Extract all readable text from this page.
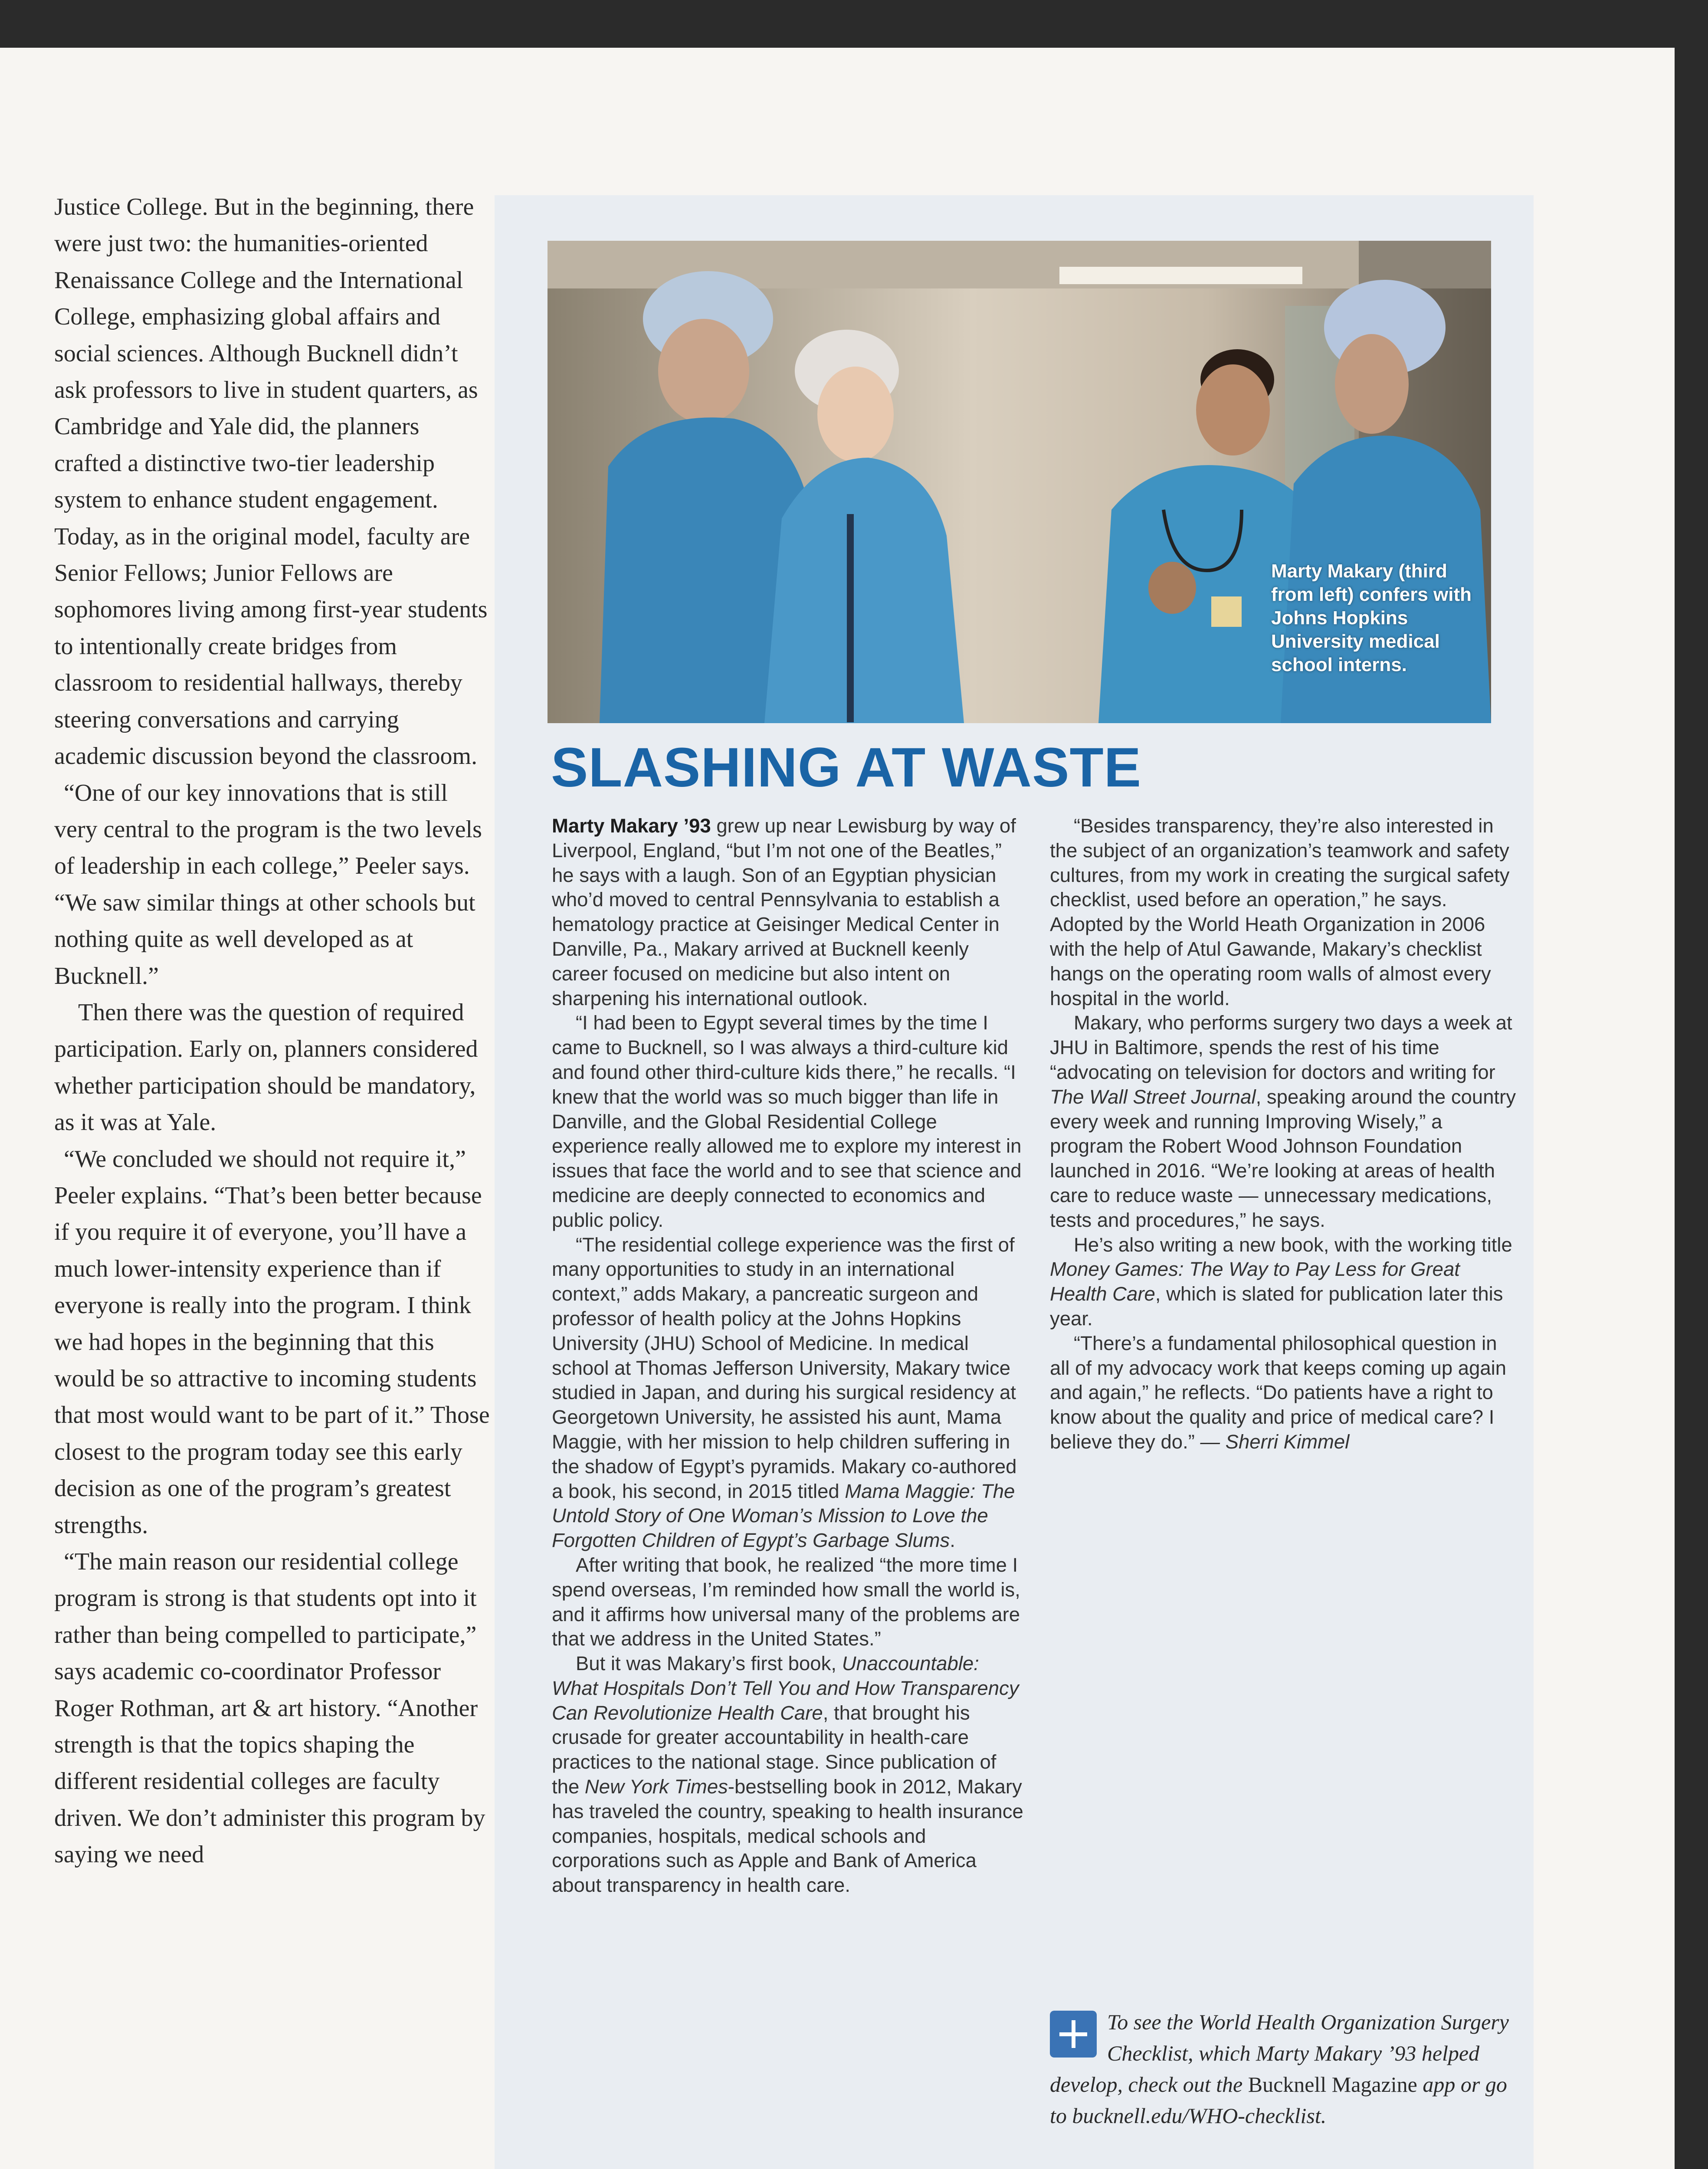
Justice College. But in the beginning, there were just two: the humanities-oriented Renaissance College and the International College, emphasizing global affairs and social sciences. Although Bucknell didn’t ask professors to live in student quarters, as Cambridge and Yale did, the planners crafted a distinctive two-tier leadership system to enhance student engagement. Today, as in the original model, faculty are Senior Fellows; Junior Fellows are sophomores living among first-year students to intentionally create bridges from classroom to residential hallways, thereby steering conversations and carrying academic discussion beyond the classroom.

“One of our key innovations that is still very central to the program is the two levels of leadership in each college,” Peeler says. “We saw similar things at other schools but nothing quite as well developed as at Bucknell.”

Then there was the question of required participation. Early on, planners considered whether participation should be mandatory, as it was at Yale.

“We concluded we should not require it,” Peeler explains. “That’s been better because if you require it of everyone, you’ll have a much lower-intensity experience than if everyone is really into the program. I think we had hopes in the beginning that this would be so attractive to incoming students that most would want to be part of it.” Those closest to the program today see this early decision as one of the program’s greatest strengths.

“The main reason our residential college program is strong is that students opt into it rather than being compelled to participate,” says academic co-coordinator Professor Roger Rothman, art & art history. “Another strength is that the topics shaping the different residential colleges are faculty driven. We don’t administer this program by saying we need

Marty Makary (third from left) confers with Johns Hopkins University medical school interns.
SLASHING AT WASTE

Marty Makary ’93 grew up near Lewisburg by way of Liverpool, England, “but I’m not one of the Beatles,” he says with a laugh. Son of an Egyptian physician who’d moved to central Pennsylvania to establish a hematology practice at Geisinger Medical Center in Danville, Pa., Makary arrived at Bucknell keenly career focused on medicine but also intent on sharpening his international outlook.

“I had been to Egypt several times by the time I came to Bucknell, so I was always a third-culture kid and found other third-culture kids there,” he recalls. “I knew that the world was so much bigger than life in Danville, and the Global Residential College experience really allowed me to explore my interest in issues that face the world and to see that science and medicine are deeply connected to economics and public policy.

“The residential college experience was the first of many opportunities to study in an international context,” adds Makary, a pancreatic surgeon and professor of health policy at the Johns Hopkins University (JHU) School of Medicine. In medical school at Thomas Jefferson University, Makary twice studied in Japan, and during his surgical residency at Georgetown University, he assisted his aunt, Mama Maggie, with her mission to help children suffering in the shadow of Egypt’s pyramids. Makary co-authored a book, his second, in 2015 titled Mama Maggie: The Untold Story of One Woman’s Mission to Love the Forgotten Children of Egypt’s Garbage Slums.

After writing that book, he realized “the more time I spend overseas, I’m reminded how small the world is, and it affirms how universal many of the problems are that we address in the United States.”

But it was Makary’s first book, Unaccountable: What Hospitals Don’t Tell You and How Transparency Can Revolutionize Health Care, that brought his crusade for greater accountability in health-care practices to the national stage. Since publication of the New York Times-bestselling book in 2012, Makary has traveled the country, speaking to health insurance companies, hospitals, medical schools and corporations such as Apple and Bank of America about transparency in health care.

“Besides transparency, they’re also interested in the subject of an organization’s teamwork and safety cultures, from my work in creating the surgical safety checklist, used before an operation,” he says. Adopted by the World Heath Organization in 2006 with the help of Atul Gawande, Makary’s checklist hangs on the operating room walls of almost every hospital in the world.

Makary, who performs surgery two days a week at JHU in Baltimore, spends the rest of his time “advocating on television for doctors and writing for The Wall Street Journal, speaking around the country every week and running Improving Wisely,” a program the Robert Wood Johnson Foundation launched in 2016. “We’re looking at areas of health care to reduce waste — unnecessary medications, tests and procedures,” he says.

He’s also writing a new book, with the working title Money Games: The Way to Pay Less for Great Health Care, which is slated for publication later this year.

“There’s a fundamental philosophical question in all of my advocacy work that keeps coming up again and again,” he reflects. “Do patients have a right to know about the quality and price of medical care? I believe they do.” — Sherri Kimmel

To see the World Health Organization Surgery Checklist, which Marty Makary ’93 helped develop, check out the Bucknell Magazine app or go to bucknell.edu/WHO-checklist.
